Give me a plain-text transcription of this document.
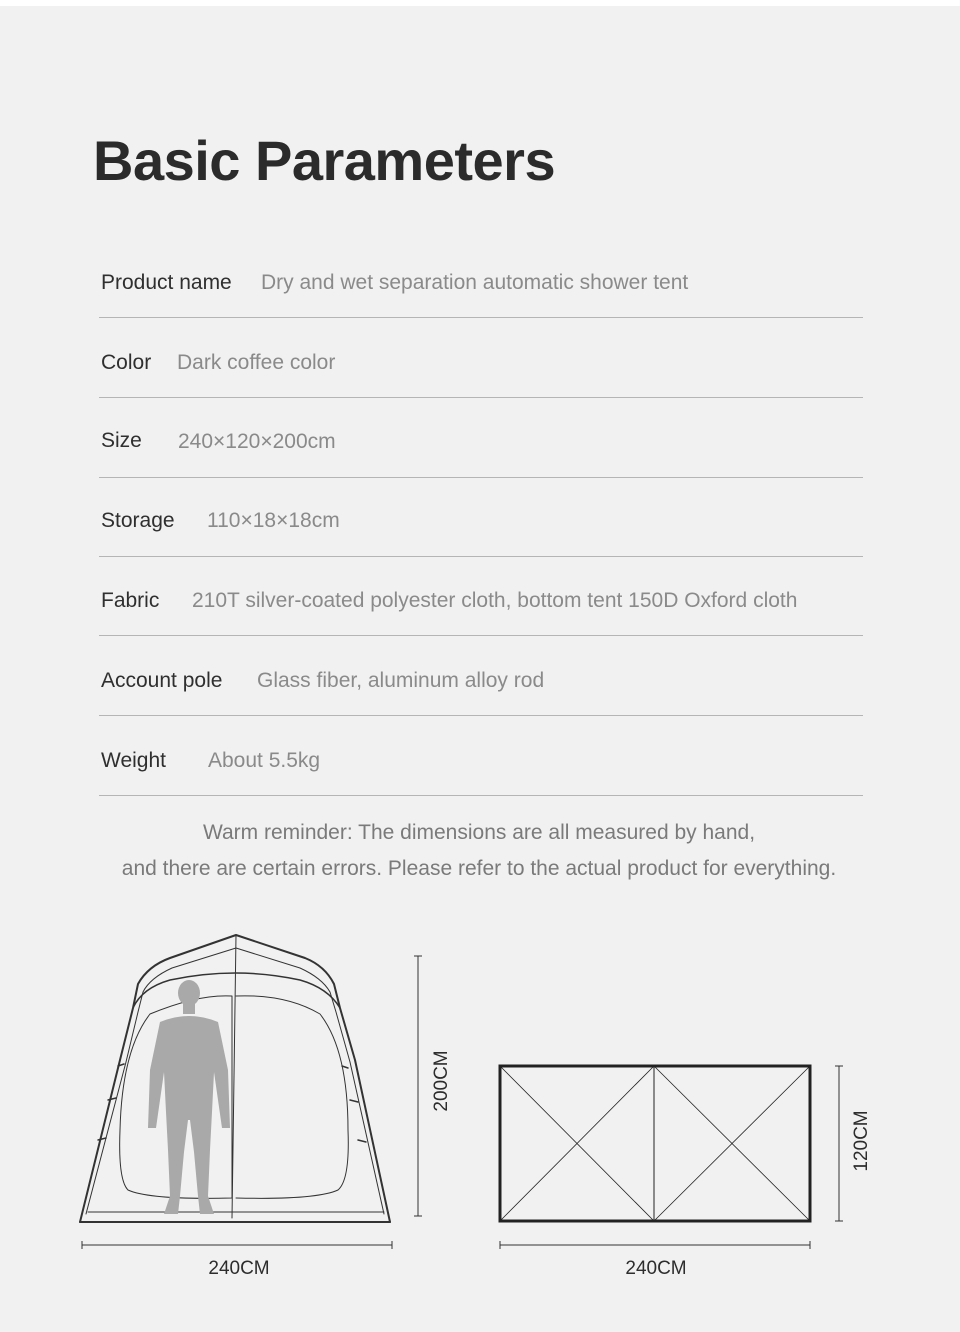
Basic Parameters
Product name Dry and wet separation automatic shower tent
Color Dark coffee color
Size 240×120×200cm
Storage 110×18×18cm
Fabric 210T silver-coated polyester cloth, bottom tent 150D Oxford cloth
Account pole Glass fiber, aluminum alloy rod
Weight About 5.5kg
Warm reminder: The dimensions are all measured by hand,
and there are certain errors. Please refer to the actual product for everything.
200CM
240CM	240CM
120CM
